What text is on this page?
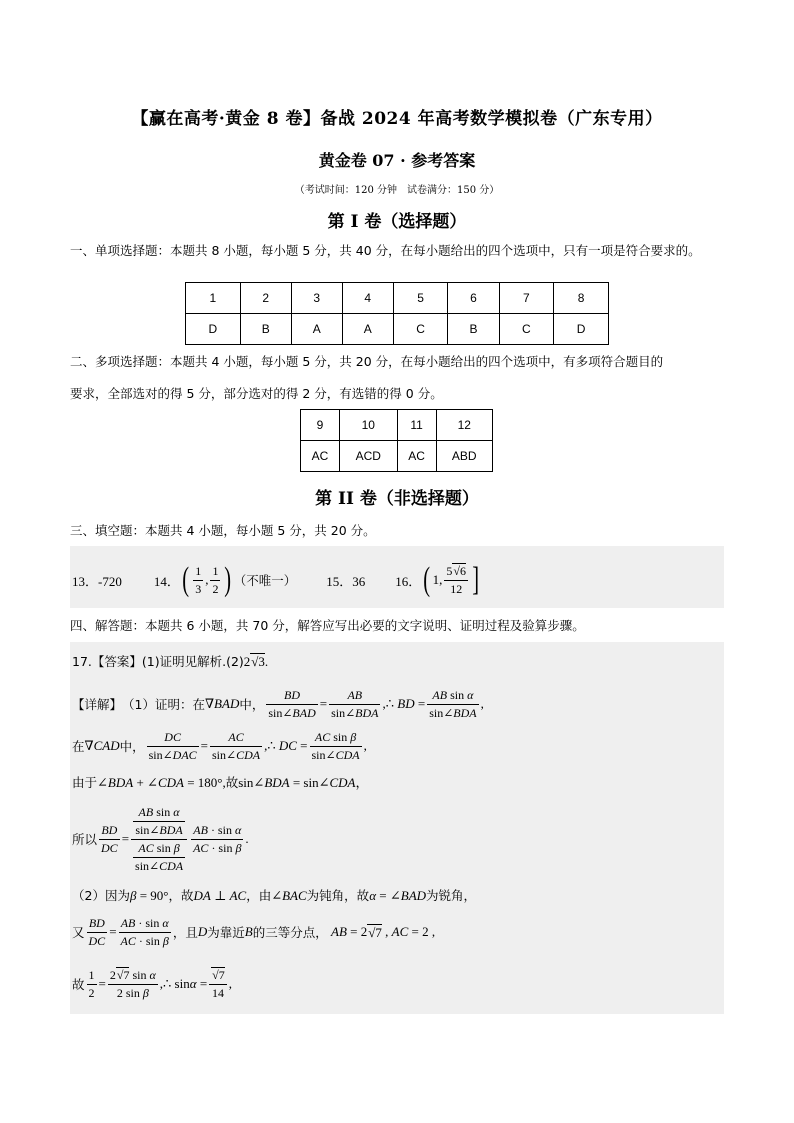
【赢在高考·黄金 8 卷】备战 2024 年高考数学模拟卷（广东专用）
黄金卷 07 · 参考答案
（考试时间：120 分钟　试卷满分：150 分）
第 I 卷（选择题）
一、单项选择题：本题共 8 小题，每小题 5 分，共 40 分，在每小题给出的四个选项中，只有一项是符合要求的。
1	2	3	4	5	6	7	8
D	B	A	A	C	B	C	D
二、多项选择题：本题共 4 小题，每小题 5 分，共 20 分，在每小题给出的四个选项中，有多项符合题目的
要求，全部选对的得 5 分，部分选对的得 2 分，有选错的得 0 分。
9	10	11	12
AC	ACD	AC	ABD
第 II 卷（非选择题）
三、填空题：本题共 4 小题，每小题 5 分，共 20 分。
13．-720 14． ( $\frac{1}{3}$ , $\frac{1}{2}$ ) （不唯一） 15．36 16． ( 1, $\frac{5√6}{12}$ ]
四、解答题：本题共 6 小题，共 70 分，解答应写出必要的文字说明、证明过程及验算步骤。
17.【答案】(1)证明见解析.(2)2√3.
【详解】 （1）证明：在 ∇BAD 中， $\frac{BD}{\text{sin∠BAD}} = \frac{AB}{\text{sin∠BDA}}$ ,∴ BD = $\frac{\text{AB sin α}}{\text{sin∠BDA}}$ ,
在 ∇CAD 中， $\frac{DC}{\text{sin∠DAC}} = \frac{AC}{\text{sin∠CDA}}$ ,∴ DC = $\frac{\text{AC sin β}}{\text{sin∠CDA}}$ ,
由于∠BDA + ∠CDA = 180°,故sin∠BDA = sin∠CDA，
所以 $\frac{BD}{DC} = \frac{\frac{\text{AB sin α}}{\text{sin∠BDA}}}{\frac{\text{AC sin β}}{\text{sin∠CDA}}} \frac{\text{AB · sin α}}{\text{AC · sin β}}$ .
（2）因为β = 90°，故DA ⊥ AC，由∠BAC为钝角，故α = ∠BAD为锐角，
又 $\frac{BD}{DC} = \frac{\text{AB · sin α}}{\text{AC · sin β}}$ ，且 D 为靠近 B 的三等分点，
AB = 2 √7 , AC = 2 ,
故 $\frac{1}{2} = \frac{\text{2√7 sin α}}{\text{2 sin β}}$ ,∴ $\sin \alpha = \frac{√7}{14}$ ,
